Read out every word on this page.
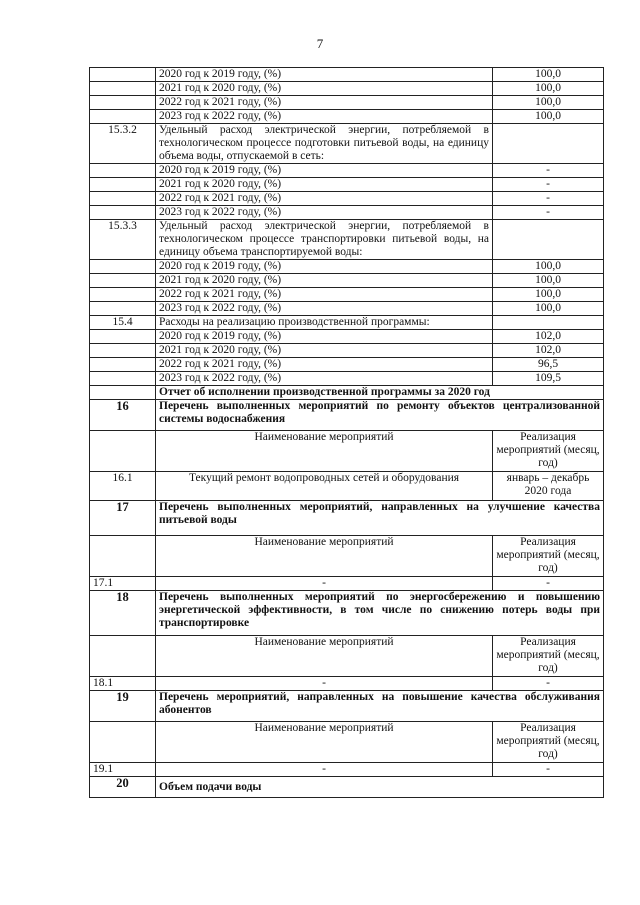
7
	2020 год к 2019 году, (%)	100,0
	2021 год к 2020 году, (%)	100,0
	2022 год к 2021 году, (%)	100,0
	2023 год к 2022 году, (%)	100,0
15.3.2	Удельный расход электрической энергии, потребляемой в технологическом процессе подготовки питьевой воды, на единицу объема воды, отпускаемой в сеть:	
	2020 год к 2019 году, (%)	-
	2021 год к 2020 году, (%)	-
	2022 год к 2021 году, (%)	-
	2023 год к 2022 году, (%)	-
15.3.3	Удельный расход электрической энергии, потребляемой в технологическом процессе транспортировки питьевой воды, на единицу объема транспортируемой воды:	
	2020 год к 2019 году, (%)	100,0
	2021 год к 2020 году, (%)	100,0
	2022 год к 2021 году, (%)	100,0
	2023 год к 2022 году, (%)	100,0
15.4	Расходы на реализацию производственной программы:	
	2020 год к 2019 году, (%)	102,0
	2021 год к 2020 году, (%)	102,0
	2022 год к 2021 году, (%)	96,5
	2023 год к 2022 году, (%)	109,5
	Отчет об исполнении производственной программы за 2020 год	
16	Перечень выполненных мероприятий по ремонту объектов централизованной системы водоснабжения	
	Наименование мероприятий	Реализация мероприятий (месяц, год)
16.1	Текущий ремонт водопроводных сетей и оборудования	январь – декабрь 2020 года
17	Перечень выполненных мероприятий, направленных на улучшение качества питьевой воды	
	Наименование мероприятий	Реализация мероприятий (месяц, год)
17.1	-	-
18	Перечень выполненных мероприятий по энергосбережению и повышению энергетической эффективности, в том числе по снижению потерь воды при транспортировке	
	Наименование мероприятий	Реализация мероприятий (месяц, год)
18.1	-	-
19	Перечень мероприятий, направленных на повышение качества обслуживания абонентов	
	Наименование мероприятий	Реализация мероприятий (месяц, год)
19.1	-	-
20	Объем подачи воды	
